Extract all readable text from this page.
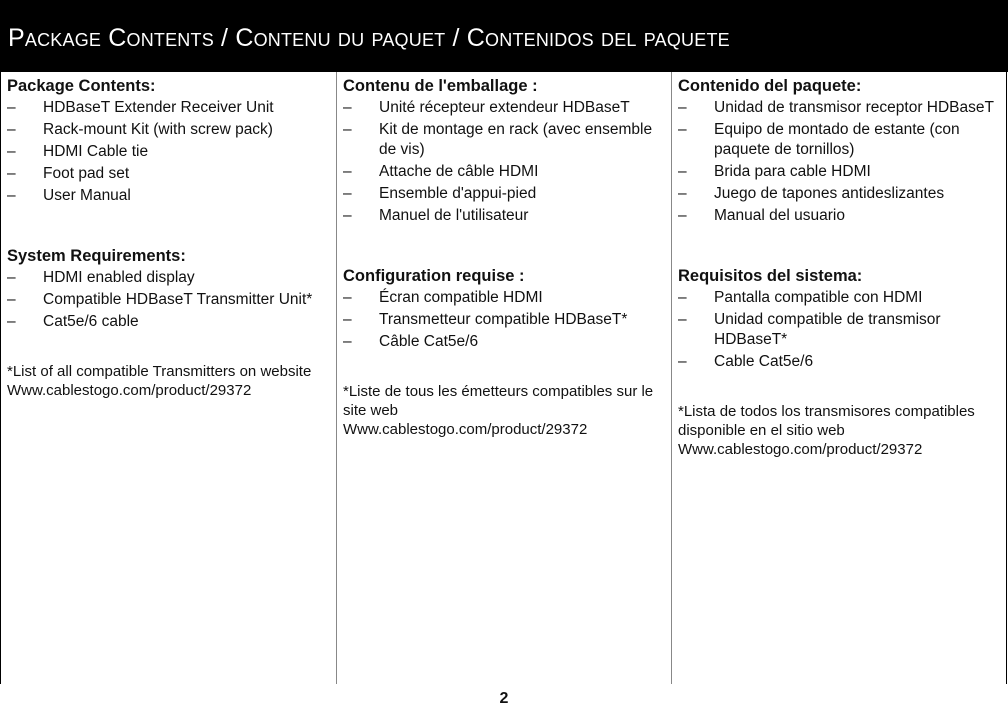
Package Contents / Contenu du paquet / Contenidos del paquete

Package Contents:

– HDBaseT Extender Receiver Unit
– Rack-mount Kit (with screw pack)
– HDMI Cable tie
– Foot pad set
– User Manual

System Requirements:

– HDMI enabled display
– Compatible HDBaseT Transmitter Unit*
– Cat5e/6 cable

*List of all compatible Transmitters on website
Www.cablestogo.com/product/29372

Contenu de l'emballage :

– Unité récepteur extendeur HDBaseT
– Kit de montage en rack (avec ensemble de vis)
– Attache de câble HDMI
– Ensemble d'appui-pied
– Manuel de l'utilisateur

Configuration requise :

– Écran compatible HDMI
– Transmetteur compatible HDBaseT*
– Câble Cat5e/6

*Liste de tous les émetteurs compatibles sur le site web
Www.cablestogo.com/product/29372

Contenido del paquete:

– Unidad de transmisor receptor HDBaseT
– Equipo de montado de estante (con paquete de tornillos)
– Brida para cable HDMI
– Juego de tapones antideslizantes
– Manual del usuario

Requisitos del sistema:

– Pantalla compatible con HDMI
– Unidad compatible de transmisor HDBaseT*
– Cable Cat5e/6

*Lista de todos los transmisores compatibles disponible en el sitio web
Www.cablestogo.com/product/29372

2
